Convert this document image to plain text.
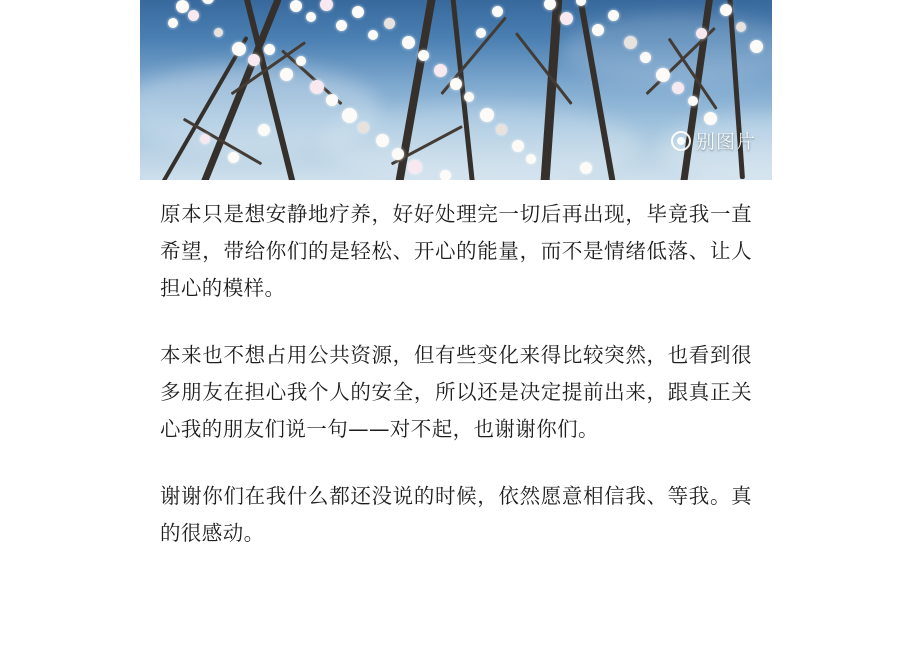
别图片

原本只是想安静地疗养，好好处理完一切后再出现，毕竟我一直希望，带给你们的是轻松、开心的能量，而不是情绪低落、让人担心的模样。

本来也不想占用公共资源，但有些变化来得比较突然，也看到很多朋友在担心我个人的安全，所以还是决定提前出来，跟真正关心我的朋友们说一句——对不起，也谢谢你们。

谢谢你们在我什么都还没说的时候，依然愿意相信我、等我。真的很感动。
